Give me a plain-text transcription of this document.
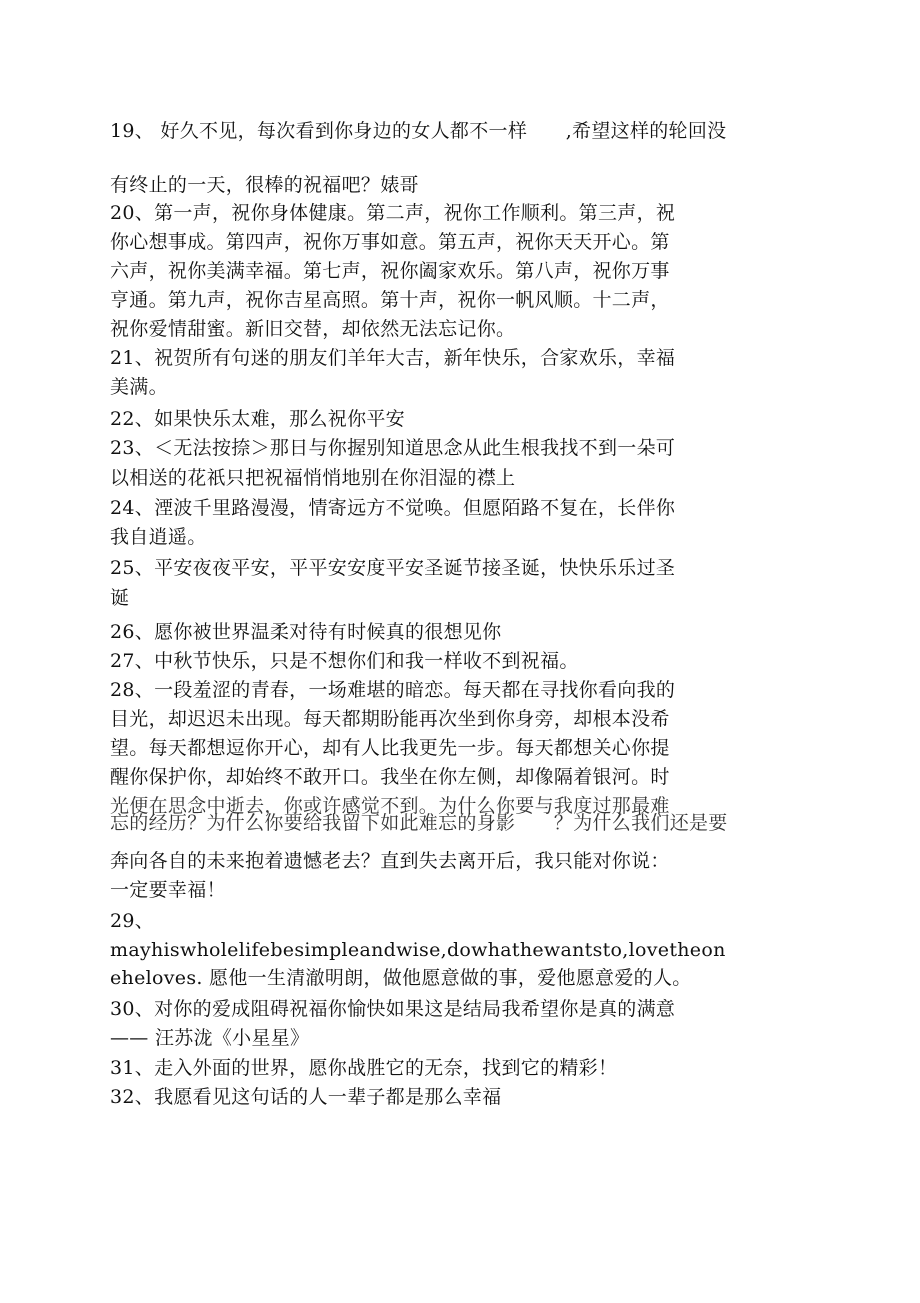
19、 好久不见，每次看到你身边的女人都不一样　　,希望这样的轮回没
有终止的一天，很棒的祝福吧？婊哥
20、第一声，祝你身体健康。第二声，祝你工作顺利。第三声，祝
你心想事成。第四声，祝你万事如意。第五声，祝你天天开心。第
六声，祝你美满幸福。第七声，祝你阖家欢乐。第八声，祝你万事
亨通。第九声，祝你吉星高照。第十声，祝你一帆风顺。十二声，
祝你爱情甜蜜。新旧交替，却依然无法忘记你。
21、祝贺所有句迷的朋友们羊年大吉，新年快乐，合家欢乐，幸福
美满。
22、如果快乐太难，那么祝你平安
23、＜无法按捺＞那日与你握别知道思念从此生根我找不到一朵可
以相送的花祇只把祝福悄悄地别在你泪湿的襟上
24、湮波千里路漫漫，情寄远方不觉唤。但愿陌路不复在，长伴你
我自逍遥。
25、平安夜夜平安，平平安安度平安圣诞节接圣诞，快快乐乐过圣
诞
26、愿你被世界温柔对待有时候真的很想见你
27、中秋节快乐，只是不想你们和我一样收不到祝福。
28、一段羞涩的青春，一场难堪的暗恋。每天都在寻找你看向我的
目光，却迟迟未出现。每天都期盼能再次坐到你身旁，却根本没希
望。每天都想逗你开心，却有人比我更先一步。每天都想关心你提
醒你保护你，却始终不敢开口。我坐在你左侧，却像隔着银河。时
光便在思念中逝去，你或许感觉不到。为什么你要与我度过那最难
忘的经历？为什么你要给我留下如此难忘的身影　　？为什么我们还是要
奔向各自的未来抱着遗憾老去？直到失去离开后，我只能对你说：
一定要幸福！
29、
mayhiswholelifebesimpleandwise,dowhathewantsto,lovetheon
eheloves. 愿他一生清澈明朗，做他愿意做的事，爱他愿意爱的人。
30、对你的爱成阻碍祝福你愉快如果这是结局我希望你是真的满意
—— 汪苏泷《小星星》
31、走入外面的世界，愿你战胜它的无奈，找到它的精彩！
32、我愿看见这句话的人一辈子都是那么幸福
